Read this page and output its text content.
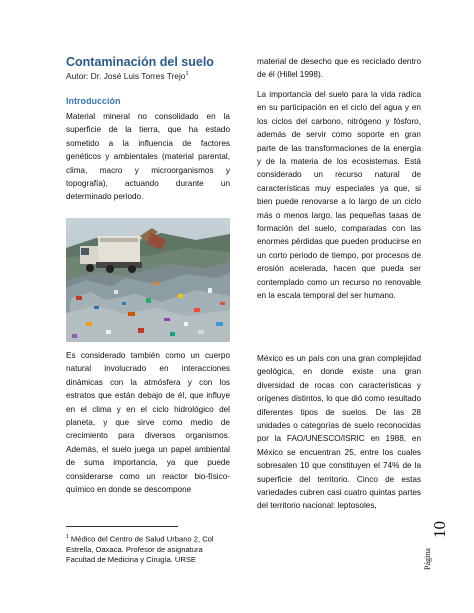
Contaminación del suelo

Autor: Dr. José Luis Torres Trejo$^1$

Introducción

Material mineral no consolidado en la superficie de la tierra, que ha estado sometido a la influencia de factores genéticos y ambientales (material parental, clima, macro y microorganismos y topografía), actuando durante un determinado periodo.

Es considerado también como un cuerpo natural involucrado en interacciones dinámicas con la atmósfera y con los estratos que están debajo de él, que influye en el clima y en el ciclo hidrológico del planeta, y que sirve como medio de crecimiento para diversos organismos. Además, el suelo juega un papel ambiental de suma importancia, ya que puede considerarse como un reactor bio-físico-químico en donde se descompone

material de desecho que es reciclado dentro de él (Hillel 1998).

La importancia del suelo para la vida radica en su participación en el ciclo del agua y en los ciclos del carbono, nitrógeno y fósforo, además de servir como soporte en gran parte de las transformaciones de la energía y de la materia de los ecosistemas. Está considerado un recurso natural de características muy especiales ya que, si bien puede renovarse a lo largo de un ciclo más o menos largo, las pequeñas tasas de formación del suelo, comparadas con las enormes pérdidas que pueden producirse en un corto periodo de tiempo, por procesos de erosión acelerada, hacen que pueda ser contemplado como un recurso no renovable en la escala temporal del ser humano.

México es un país con una gran complejidad geológica, en donde existe una gran diversidad de rocas con características y orígenes distintos, lo que dió como resultado diferentes tipos de suelos. De las 28 unidades o categorías de suelo reconocidas por la FAO/UNESCO/ISRIC en 1988, en México se encuentran 25, entre los cuales sobresalen 10 que constituyen el 74% de la superficie del territorio. Cinco de estas variedades cubren casi cuatro quintas partes del territorio nacional: leptosoles,

$^1$ Médico del Centro de Salud Urbano 2, Col Estrella, Oaxaca. Profesor de asignatura Facultad de Medicina y Cirugía. URSE	Página
10
